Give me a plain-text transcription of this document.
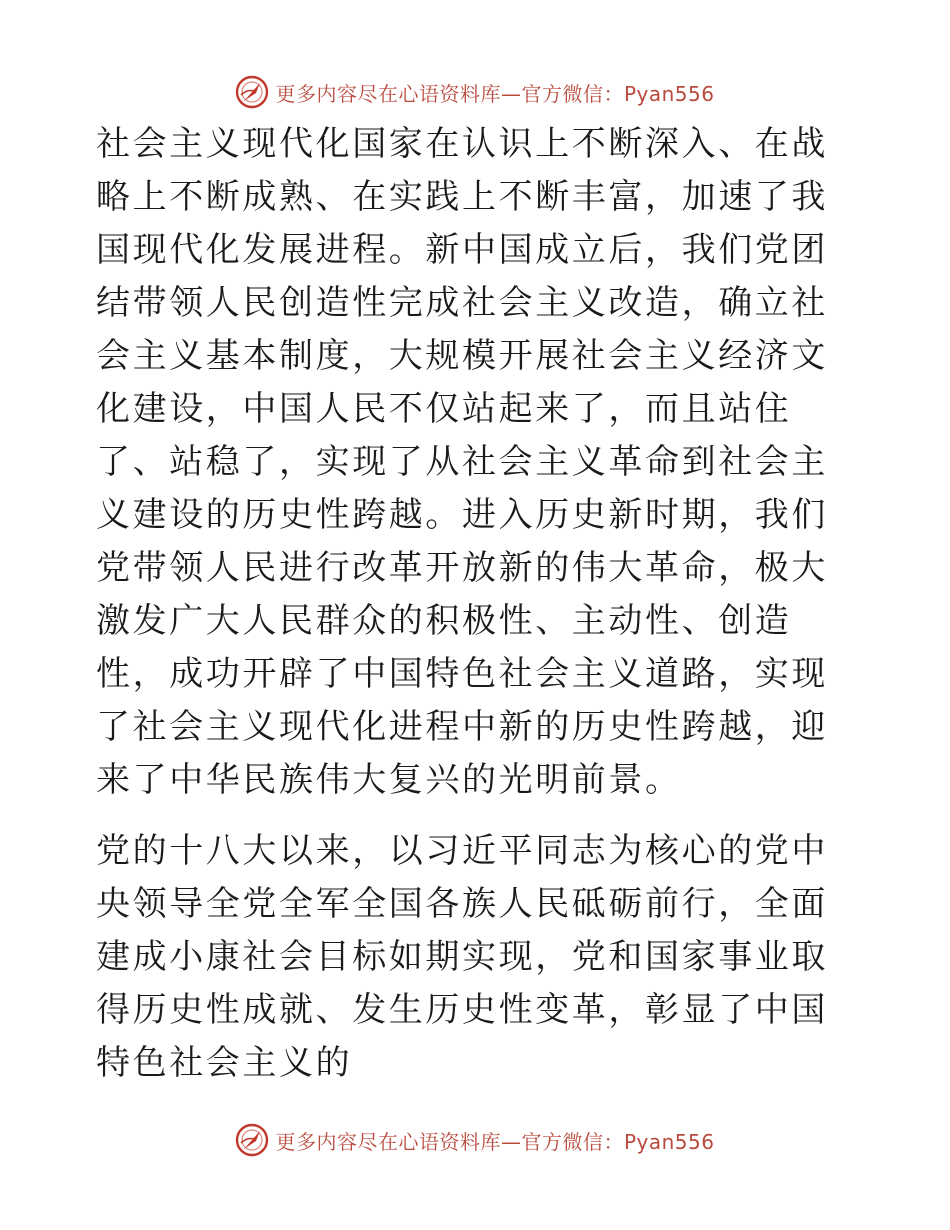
更多内容尽在心语资料库—官方微信：Pyan556

社会主义现代化国家在认识上不断深入、在战略上不断成熟、在实践上不断丰富，加速了我国现代化发展进程。新中国成立后，我们党团结带领人民创造性完成社会主义改造，确立社会主义基本制度，大规模开展社会主义经济文化建设，中国人民不仅站起来了，而且站住了、站稳了，实现了从社会主义革命到社会主义建设的历史性跨越。进入历史新时期，我们党带领人民进行改革开放新的伟大革命，极大激发广大人民群众的积极性、主动性、创造性，成功开辟了中国特色社会主义道路，实现了社会主义现代化进程中新的历史性跨越，迎来了中华民族伟大复兴的光明前景。

党的十八大以来，以习近平同志为核心的党中央领导全党全军全国各族人民砥砺前行，全面建成小康社会目标如期实现，党和国家事业取得历史性成就、发生历史性变革，彰显了中国特色社会主义的

更多内容尽在心语资料库—官方微信：Pyan556
